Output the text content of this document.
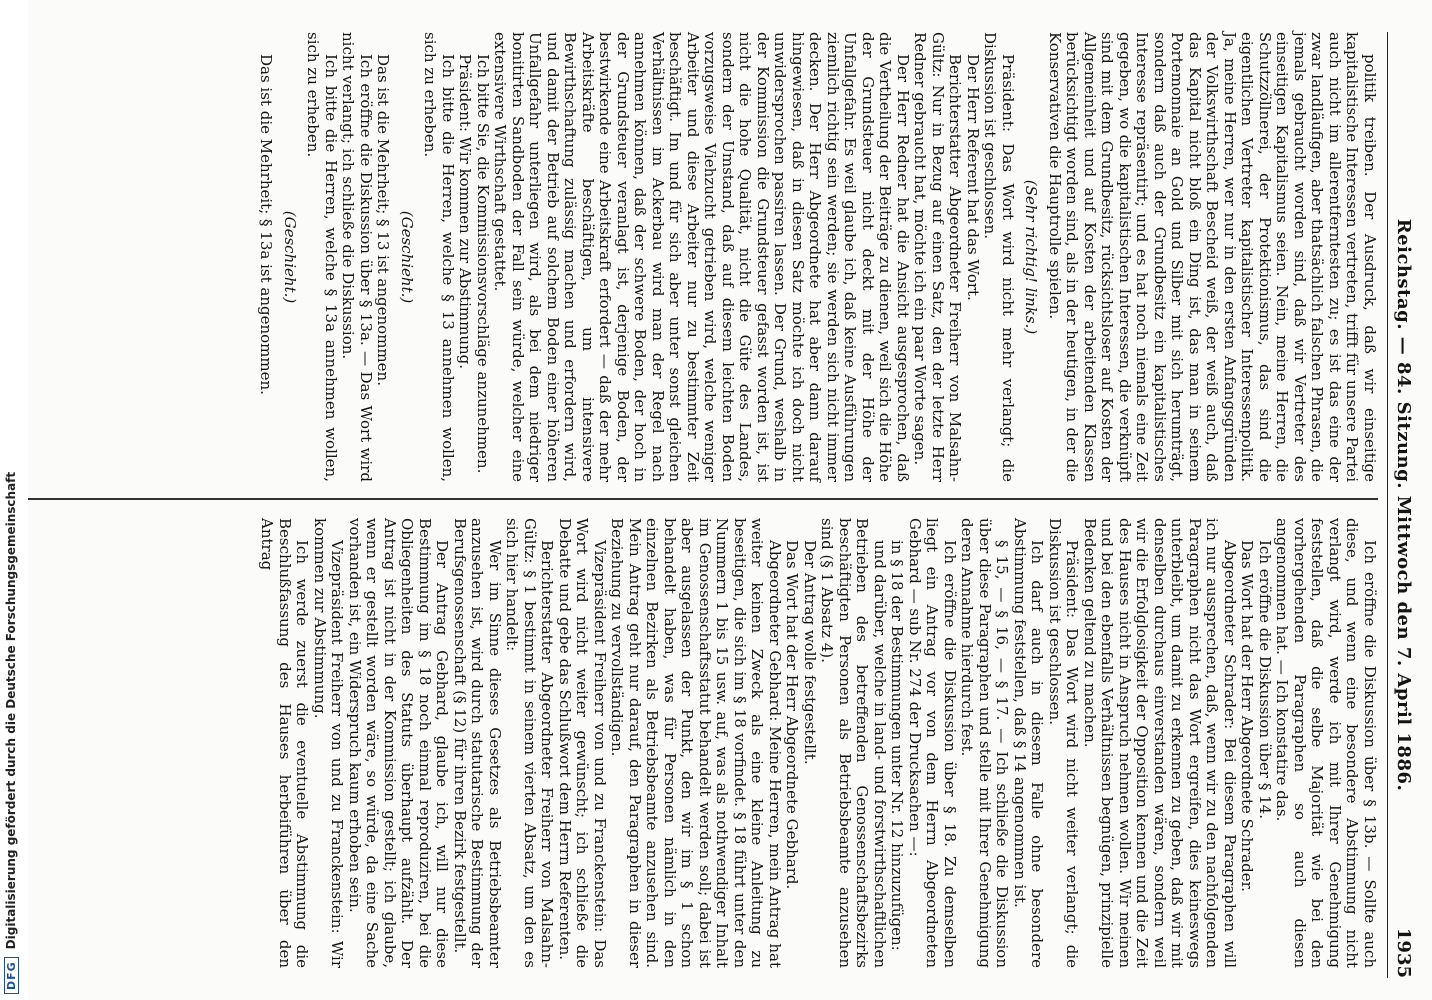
Reichstag. — 84. Sitzung. Mittwoch den 7. April 1886.
1935

politik treiben. Der Ausdruck, daß wir einseitige kapitalistische Interessen vertreten, trifft für unsere Partei auch nicht im allerentferntesten zu; es ist das eine der zwar landläufigen, aber thatsächlich falschen Phrasen, die jemals gebraucht worden sind, daß wir Vertreter des einseitigen Kapitalismus seien. Nein, meine Herren, die Schutzzöllnerei, der Protektionismus, das sind die eigentlichen Vertreter kapitalistischer Interessenpolitik. Ja, meine Herren, wer nur in den ersten Anfangsgründen der Volkswirthschaft Bescheid weiß, der weiß auch, daß das Kapital nicht bloß ein Ding ist, das man in seinem Portemonnaie an Gold und Silber mit sich herumträgt, sondern daß auch der Grundbesitz ein kapitalistisches Interesse repräsentirt; und es hat noch niemals eine Zeit gegeben, wo die kapitalistischen Interessen, die verknüpft sind mit dem Grundbesitz, rücksichtsloser auf Kosten der Allgemeinheit und auf Kosten der arbeitenden Klassen berücksichtigt worden sind, als in der heutigen, in der die Konservativen die Hauptrolle spielen.

(Sehr richtig! links.)

Präsident: Das Wort wird nicht mehr verlangt; die Diskussion ist geschlossen.

Der Herr Referent hat das Wort.

Berichterstatter Abgeordneter Freiherr von Malsahn-Gültz: Nur in Bezug auf einen Satz, den der letzte Herr Redner gebraucht hat, möchte ich ein paar Worte sagen.

Der Herr Redner hat die Ansicht ausgesprochen, daß die Vertheilung der Beiträge zu dienen, weil sich die Höhe der Grundsteuer nicht deckt mit der Höhe der Unfallgefahr. Es weil glaube ich, daß keine Ausführungen ziemlich richtig sein werden; sie werden sich nicht immer decken. Der Herr Abgeordnete hat aber dann darauf hingewiesen, daß in diesen Satz möchte ich doch nicht unwidersprochen passiren lassen. Der Grund, weshalb in der Kommission die Grundsteuer gefasst worden ist, ist nicht die hohe Qualität, nicht die Güte des Landes, sondern der Umstand, daß auf diesem leichten Boden vorzugsweise Viehzucht getrieben wird, welche weniger Arbeiter und diese Arbeiter nur zu bestimmter Zeit beschäftigt. Im und für sich aber unter sonst gleichen Verhältnissen im Ackerbau wird man der Regel nach annehmen können, daß der schwere Boden, der hoch in der Grundsteuer veranlagt ist, derjenige Boden, der bestwirkende eine Arbeitskraft erfordert — daß der mehr Arbeitskräfte beschäftigen, um intensivere Bewirthschaftung zulässig machen und erfordern wird, und damit der Betrieb auf solchem Boden einer höheren Unfallgefahr unterliegen wird, als bei dem niedriger bonitirten Sandboden der Fall sein würde, welcher eine extensivere Wirthschaft gestattet.

Ich bitte Sie, die Kommissionsvorschläge anzunehmen.

Präsident: Wir kommen zur Abstimmung.

Ich bitte die Herren, welche § 13 annehmen wollen, sich zu erheben.

(Geschieht.)

Das ist die Mehrheit; § 13 ist angenommen.

Ich eröffne die Diskussion über § 13a. — Das Wort wird nicht verlangt; ich schließe die Diskussion.

Ich bitte die Herren, welche § 13a annehmen wollen, sich zu erheben.

(Geschieht.)

Das ist die Mehrheit; § 13a ist angenommen.

Ich eröffne die Diskussion über § 13b. — Sollte auch diese, und wenn eine besondere Abstimmung nicht verlangt wird, werde ich mit Ihrer Genehmigung feststellen, daß die selbe Majorität wie bei den vorhergehenden Paragraphen so auch diesen angenommen hat. — Ich konstatire das.

Ich eröffne die Diskussion über § 14.

Das Wort hat der Herr Abgeordnete Schrader.

Abgeordneter Schrader: Bei diesem Paragraphen will ich nur aussprechen, daß, wenn wir zu den nachfolgenden Paragraphen nicht das Wort ergreifen, dies keineswegs unterbleibt, um damit zu erkennen zu geben, daß wir mit denselben durchaus einverstanden wären, sondern weil wir die Erfolglosigkeit der Opposition kennen und die Zeit des Hauses nicht in Anspruch nehmen wollen. Wir meinen und bei den ebenfalls Verhältnissen begnügen, prinzipielle Bedenken geltend zu machen.

Präsident: Das Wort wird nicht weiter verlangt; die Diskussion ist geschlossen.

Ich darf auch in diesem Falle ohne besondere Abstimmung feststellen, daß § 14 angenommen ist.

§ 15, — § 16, — § 17. — Ich schließe die Diskussion über diese Paragraphen und stelle mit Ihrer Genehmigung deren Annahme hierdurch fest.

Ich eröffne die Diskussion über § 18. Zu demselben liegt ein Antrag vor von dem Herrn Abgeordneten Gebhard — sub Nr. 274 der Drucksachen —:

in § 18 der Bestimmungen unter Nr. 12 hinzuzufügen:

und darüber, welche in land- und forstwirthschaftlichen Betrieben des betreffenden Genossenschaftsbezirks beschäftigten Personen als Betriebsbeamte anzusehen sind (§ 1 Absatz 4).

Der Antrag wolle festgestellt.

Das Wort hat der Herr Abgeordnete Gebhard.

Abgeordneter Gebhard: Meine Herren, mein Antrag hat weiter keinen Zweck als eine kleine Anleitung zu beseitigen, die sich im § 18 vorfindet. § 18 führt unter den Nummern 1 bis 15 usw. auf, was als nothwendiger Inhalt im Genossenschaftsstatut behandelt werden soll; dabei ist aber ausgelassen der Punkt, den wir im § 1 schon behandelt haben, was für Personen nämlich in den einzelnen Bezirken als Betriebsbeamte anzusehen sind. Mein Antrag geht nur darauf, den Paragraphen in dieser Beziehung zu vervollständigen.

Vizepräsident Freiherr von und zu Franckenstein: Das Wort wird nicht weiter gewünscht; ich schließe die Debatte und gebe das Schlußwort dem Herrn Referenten.

Berichterstatter Abgeordneter Freiherr von Malsahn-Gültz: § 1 bestimmt in seinem vierten Absatz, um den es sich hier handelt:

Wer im Sinne dieses Gesetzes als Betriebsbeamter anzusehen ist, wird durch statutarische Bestimmung der Berufsgenossenschaft (§ 12) für ihren Bezirk festgestellt.

Der Antrag Gebhard, glaube ich, will nur diese Bestimmung im § 18 noch einmal reproduziren, bei die Obliegenheiten des Statuts überhaupt aufzählt. Der Antrag ist nicht in der Kommission gestellt; ich glaube, wenn er gestellt worden wäre, so würde, da eine Sache vorhanden ist, ein Widerspruch kaum erhoben sein.

Vizepräsident Freiherr von und zu Franckenstein: Wir kommen zur Abstimmung.

Ich werde zuerst die eventuelle Abstimmung die Beschlußfassung des Hauses herbeiführen über den Antrag

DFGDigitalisierung gefördert durch die Deutsche Forschungsgemeinschaft
